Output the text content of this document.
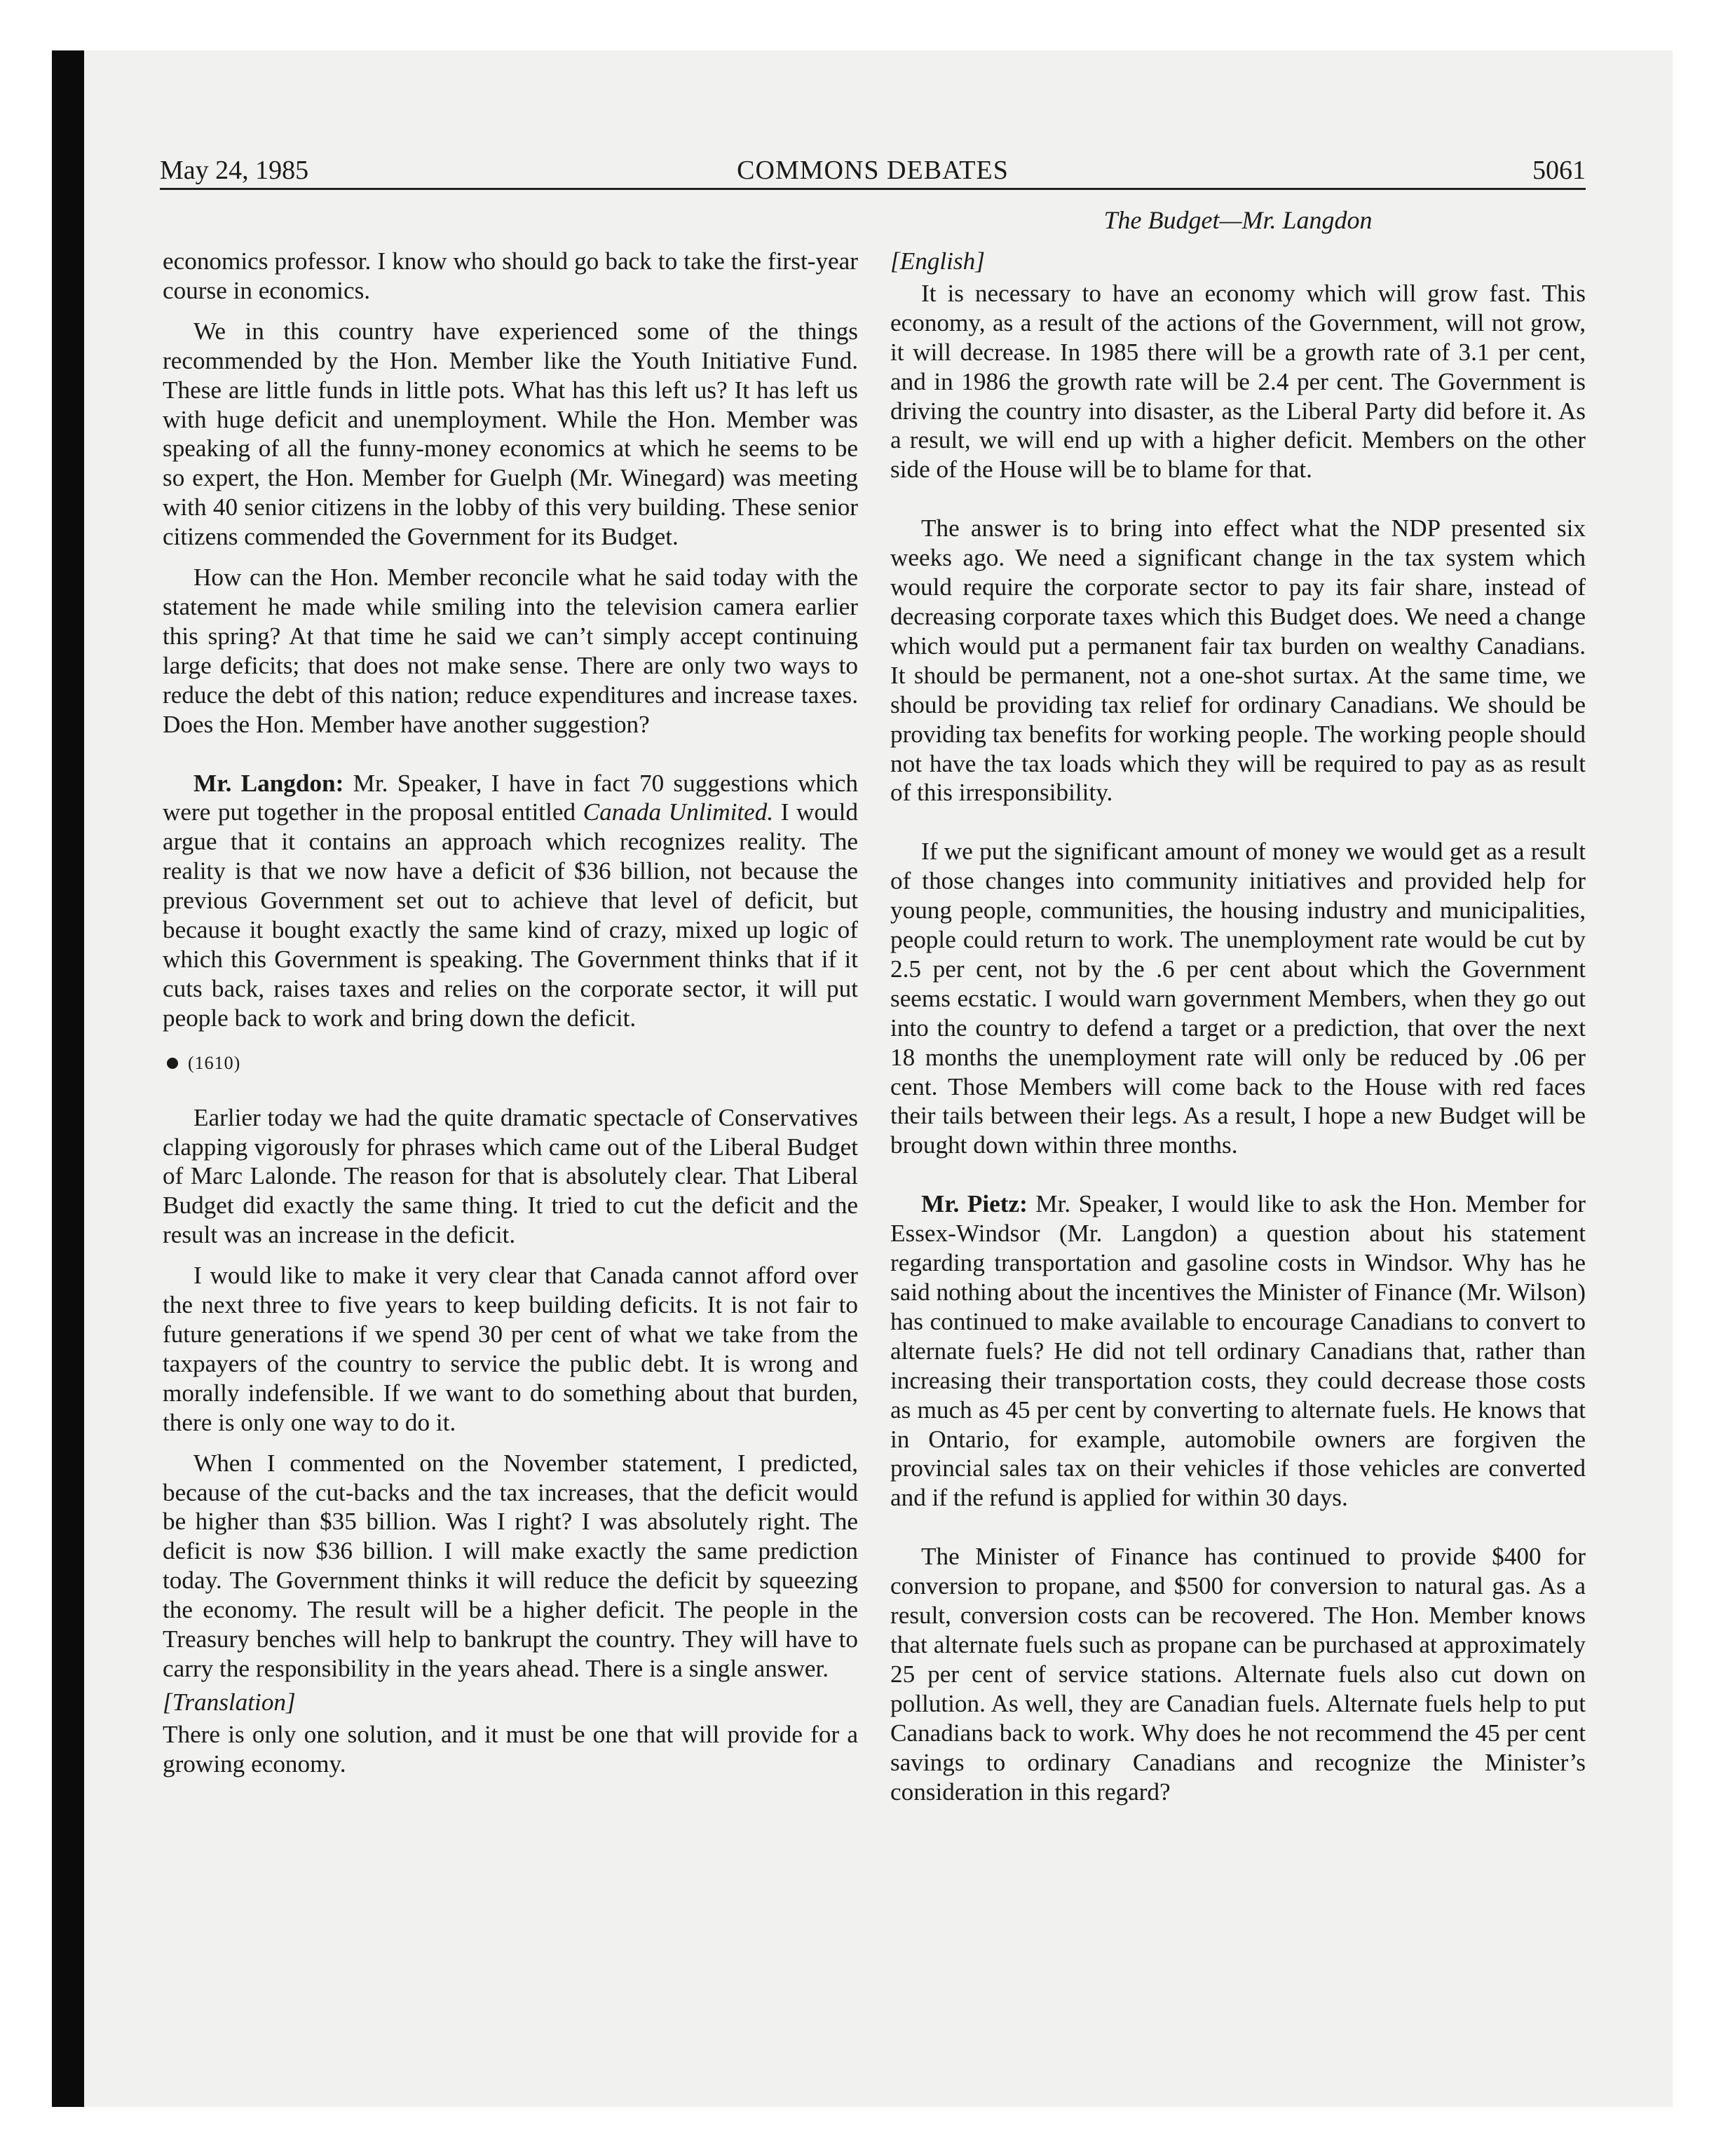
May 24, 1985	COMMONS DEBATES	5061
The Budget—Mr. Langdon

economics professor. I know who should go back to take the first-year course in economics.

We in this country have experienced some of the things recommended by the Hon. Member like the Youth Initiative Fund. These are little funds in little pots. What has this left us? It has left us with huge deficit and unemployment. While the Hon. Member was speaking of all the funny-money economics at which he seems to be so expert, the Hon. Member for Guelph (Mr. Winegard) was meeting with 40 senior citizens in the lobby of this very building. These senior citizens commended the Government for its Budget.

How can the Hon. Member reconcile what he said today with the statement he made while smiling into the television camera earlier this spring? At that time he said we can’t simply accept continuing large deficits; that does not make sense. There are only two ways to reduce the debt of this nation; reduce expenditures and increase taxes. Does the Hon. Member have another suggestion?

Mr. Langdon: Mr. Speaker, I have in fact 70 suggestions which were put together in the proposal entitled Canada Unlimited. I would argue that it contains an approach which recognizes reality. The reality is that we now have a deficit of $36 billion, not because the previous Government set out to achieve that level of deficit, but because it bought exactly the same kind of crazy, mixed up logic of which this Government is speaking. The Government thinks that if it cuts back, raises taxes and relies on the corporate sector, it will put people back to work and bring down the deficit.

(1610)

Earlier today we had the quite dramatic spectacle of Conservatives clapping vigorously for phrases which came out of the Liberal Budget of Marc Lalonde. The reason for that is absolutely clear. That Liberal Budget did exactly the same thing. It tried to cut the deficit and the result was an increase in the deficit.

I would like to make it very clear that Canada cannot afford over the next three to five years to keep building deficits. It is not fair to future generations if we spend 30 per cent of what we take from the taxpayers of the country to service the public debt. It is wrong and morally indefensible. If we want to do something about that burden, there is only one way to do it.

When I commented on the November statement, I predicted, because of the cut-backs and the tax increases, that the deficit would be higher than $35 billion. Was I right? I was absolutely right. The deficit is now $36 billion. I will make exactly the same prediction today. The Government thinks it will reduce the deficit by squeezing the economy. The result will be a higher deficit. The people in the Treasury benches will help to bankrupt the country. They will have to carry the responsibility in the years ahead. There is a single answer.

[Translation]

There is only one solution, and it must be one that will provide for a growing economy.

[English]

It is necessary to have an economy which will grow fast. This economy, as a result of the actions of the Government, will not grow, it will decrease. In 1985 there will be a growth rate of 3.1 per cent, and in 1986 the growth rate will be 2.4 per cent. The Government is driving the country into disaster, as the Liberal Party did before it. As a result, we will end up with a higher deficit. Members on the other side of the House will be to blame for that.

The answer is to bring into effect what the NDP presented six weeks ago. We need a significant change in the tax system which would require the corporate sector to pay its fair share, instead of decreasing corporate taxes which this Budget does. We need a change which would put a permanent fair tax burden on wealthy Canadians. It should be permanent, not a one-shot surtax. At the same time, we should be providing tax relief for ordinary Canadians. We should be providing tax benefits for working people. The working people should not have the tax loads which they will be required to pay as as result of this irresponsibility.

If we put the significant amount of money we would get as a result of those changes into community initiatives and provided help for young people, communities, the housing industry and municipalities, people could return to work. The unemployment rate would be cut by 2.5 per cent, not by the .6 per cent about which the Government seems ecstatic. I would warn government Members, when they go out into the country to defend a target or a prediction, that over the next 18 months the unemployment rate will only be reduced by .06 per cent. Those Members will come back to the House with red faces their tails between their legs. As a result, I hope a new Budget will be brought down within three months.

Mr. Pietz: Mr. Speaker, I would like to ask the Hon. Member for Essex-Windsor (Mr. Langdon) a question about his statement regarding transportation and gasoline costs in Windsor. Why has he said nothing about the incentives the Minister of Finance (Mr. Wilson) has continued to make available to encourage Canadians to convert to alternate fuels? He did not tell ordinary Canadians that, rather than increasing their transportation costs, they could decrease those costs as much as 45 per cent by converting to alternate fuels. He knows that in Ontario, for example, automobile owners are forgiven the provincial sales tax on their vehicles if those vehicles are converted and if the refund is applied for within 30 days.

The Minister of Finance has continued to provide $400 for conversion to propane, and $500 for conversion to natural gas. As a result, conversion costs can be recovered. The Hon. Member knows that alternate fuels such as propane can be purchased at approximately 25 per cent of service stations. Alternate fuels also cut down on pollution. As well, they are Canadian fuels. Alternate fuels help to put Canadians back to work. Why does he not recommend the 45 per cent savings to ordinary Canadians and recognize the Minister’s consideration in this regard?
